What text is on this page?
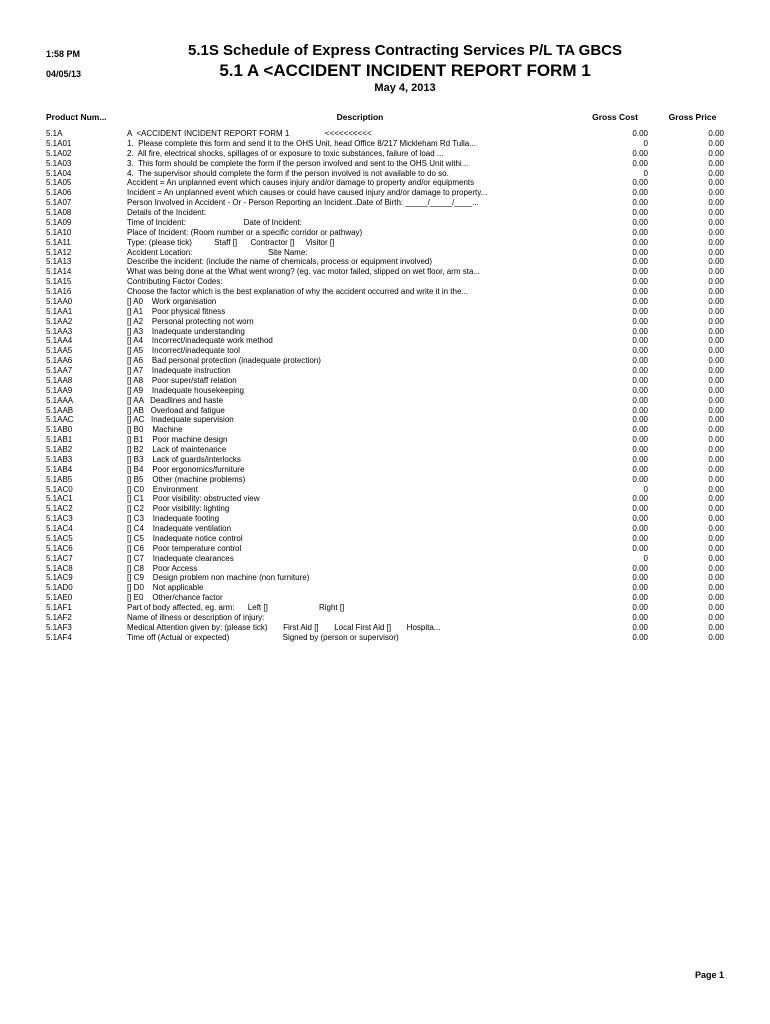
1:58 PM
04/05/13
5.1S Schedule of Express Contracting Services P/L TA GBCS
5.1 A <ACCIDENT INCIDENT REPORT FORM 1
May 4, 2013
Product Num...	Description	Gross Cost	Gross Price
5.1A	A  <ACCIDENT INCIDENT REPORT FORM 1                <<<<<<<<<<	0.00	0.00
5.1A01	1.  Please complete this form and send it to the OHS Unit, head Office 8/217 Mickleham Rd Tulla...	0	0.00
5.1A02	2.  All fire, electrical shocks, spillages of or exposure to toxic substances, failure of load ...	0.00	0.00
5.1A03	3.  This form should be complete the form if the person involved and sent to the OHS Unit withi...	0.00	0.00
5.1A04	4.  The supervisor should complete the form if the person involved is not available to do so.	0	0.00
5.1A05	Accident = An unplanned event which causes injury and/or damage to property and/or equipments	0.00	0.00
5.1A06	Incident = An unplanned event which causes or could have caused injury and/or damage to property...	0.00	0.00
5.1A07	Person Involved in Accident - Or - Person Reporting an Incident..Date of Birth: _____/_____/____...	0.00	0.00
5.1A08	Details of the Incident:	0.00	0.00
5.1A09	Time of Incident:                          Date of Incident:	0.00	0.00
5.1A10	Place of Incident: (Room number or a specific corridor or pathway)	0.00	0.00
5.1A11	Type: (please tick)          Staff []      Contractor []     Visitor []	0.00	0.00
5.1A12	Accident Location:                                  Site Name:	0.00	0.00
5.1A13	Describe the incident: (include the name of chemicals, process or equipment involved)	0.00	0.00
5.1A14	What was being done at the What went wrong? (eg. vac motor failed, slipped on wet floor, arm sta...	0.00	0.00
5.1A15	Contributing Factor Codes:	0.00	0.00
5.1A16	Choose the factor which is the best explanation of why the accident occurred and write it in the...	0.00	0.00
5.1AA0	[] A0    Work organisation	0.00	0.00
5.1AA1	[] A1    Poor physical fitness	0.00	0.00
5.1AA2	[] A2    Personal protecting not worn	0.00	0.00
5.1AA3	[] A3    Inadequate understanding	0.00	0.00
5.1AA4	[] A4    Incorrect/inadequate work method	0.00	0.00
5.1AA5	[] A5    Incorrect/inadequate tool	0.00	0.00
5.1AA6	[] A6    Bad personal protection (inadequate protection)	0.00	0.00
5.1AA7	[] A7    Inadequate instruction	0.00	0.00
5.1AA8	[] A8    Poor super/staff relation	0.00	0.00
5.1AA9	[] A9    Inadequate housekeeping	0.00	0.00
5.1AAA	[] AA   Deadlines and haste	0.00	0.00
5.1AAB	[] AB   Overload and fatigue	0.00	0.00
5.1AAC	[] AC   Inadequate supervision	0.00	0.00
5.1AB0	[] B0    Machine	0.00	0.00
5.1AB1	[] B1    Poor machine design	0.00	0.00
5.1AB2	[] B2    Lack of maintenance	0.00	0.00
5.1AB3	[] B3    Lack of guards/interlocks	0.00	0.00
5.1AB4	[] B4    Poor ergonomics/furniture	0.00	0.00
5.1AB5	[] B5    Other (machine problems)	0.00	0.00
5.1AC0	[] C0    Environment	0	0.00
5.1AC1	[] C1    Poor visibility: obstructed view	0.00	0.00
5.1AC2	[] C2    Poor visibility: lighting	0.00	0.00
5.1AC3	[] C3    Inadequate footing	0.00	0.00
5.1AC4	[] C4    Inadequate ventilation	0.00	0.00
5.1AC5	[] C5    Inadequate notice control	0.00	0.00
5.1AC6	[] C6    Poor temperature control	0.00	0.00
5.1AC7	[] C7    Inadequate clearances	0	0.00
5.1AC8	[] C8    Poor Access	0.00	0.00
5.1AC9	[] C9    Design problem non machine (non furniture)	0.00	0.00
5.1AD0	[] D0    Not applicable	0.00	0.00
5.1AE0	[] E0    Other/chance factor	0.00	0.00
5.1AF1	Part of body affected, eg. arm:      Left []                       Right []	0.00	0.00
5.1AF2	Name of illness or description of injury:	0.00	0.00
5.1AF3	Medical Attention given by: (please tick)       First Aid []       Local First Aid []       Hospita...	0.00	0.00
5.1AF4	Time off (Actual or expected)                        Signed by (person or supervisor)	0.00	0.00
Page 1
